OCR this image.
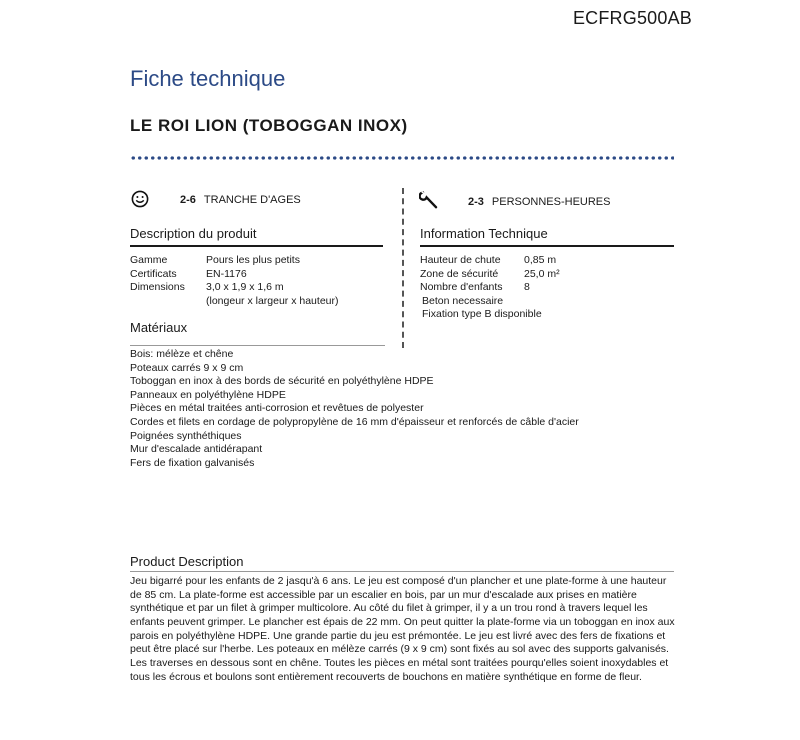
ECFRG500AB
Fiche technique
LE ROI LION (TOBOGGAN INOX)
2-6 TRANCHE D'AGES	2-3 PERSONNES-HEURES
Description du produit
Gamme	Pours les plus petits
Certificats	EN-1176
Dimensions 3,0 x 1,9 x 1,6 m
(longeur x largeur x hauteur)
Information Technique
Hauteur de chute 0,85 m
Zone de sécurité 25,0 m²
Nombre d'enfants 8
Beton necessaire
Fixation type B disponible
Matériaux
Bois: mélèze et chêne
Poteaux carrés 9 x 9 cm
Toboggan en inox à des bords de sécurité en polyéthylène HDPE
Panneaux en polyéthylène HDPE
Pièces en métal traitées anti-corrosion et revêtues de polyester
Cordes et filets en cordage de polypropylène de 16 mm d'épaisseur et renforcés de câble d'acier
Poignées synthéthiques
Mur d'escalade antidérapant
Fers de fixation galvanisés
Product Description
Jeu bigarré pour les enfants de 2 jasqu'à 6 ans. Le jeu est composé d'un plancher et une plate-forme à une hauteur de 85 cm. La plate-forme est accessible par un escalier en bois, par un mur d'escalade aux prises en matière synthétique et par un filet à grimper multicolore. Au côté du filet à grimper, il y a un trou rond à travers lequel les enfants peuvent grimper. Le plancher est épais de 22 mm. On peut quitter la plate-forme via un toboggan en inox aux parois en polyéthylène HDPE. Une grande partie du jeu est prémontée. Le jeu est livré avec des fers de fixations et peut être placé sur l'herbe. Les poteaux en mélèze carrés (9 x 9 cm) sont fixés au sol avec des supports galvanisés. Les traverses en dessous sont en chêne. Toutes les pièces en métal sont traitées pourqu'elles soient inoxydables et tous les écrous et boulons sont entièrement recouverts de bouchons en matière synthétique en forme de fleur.
